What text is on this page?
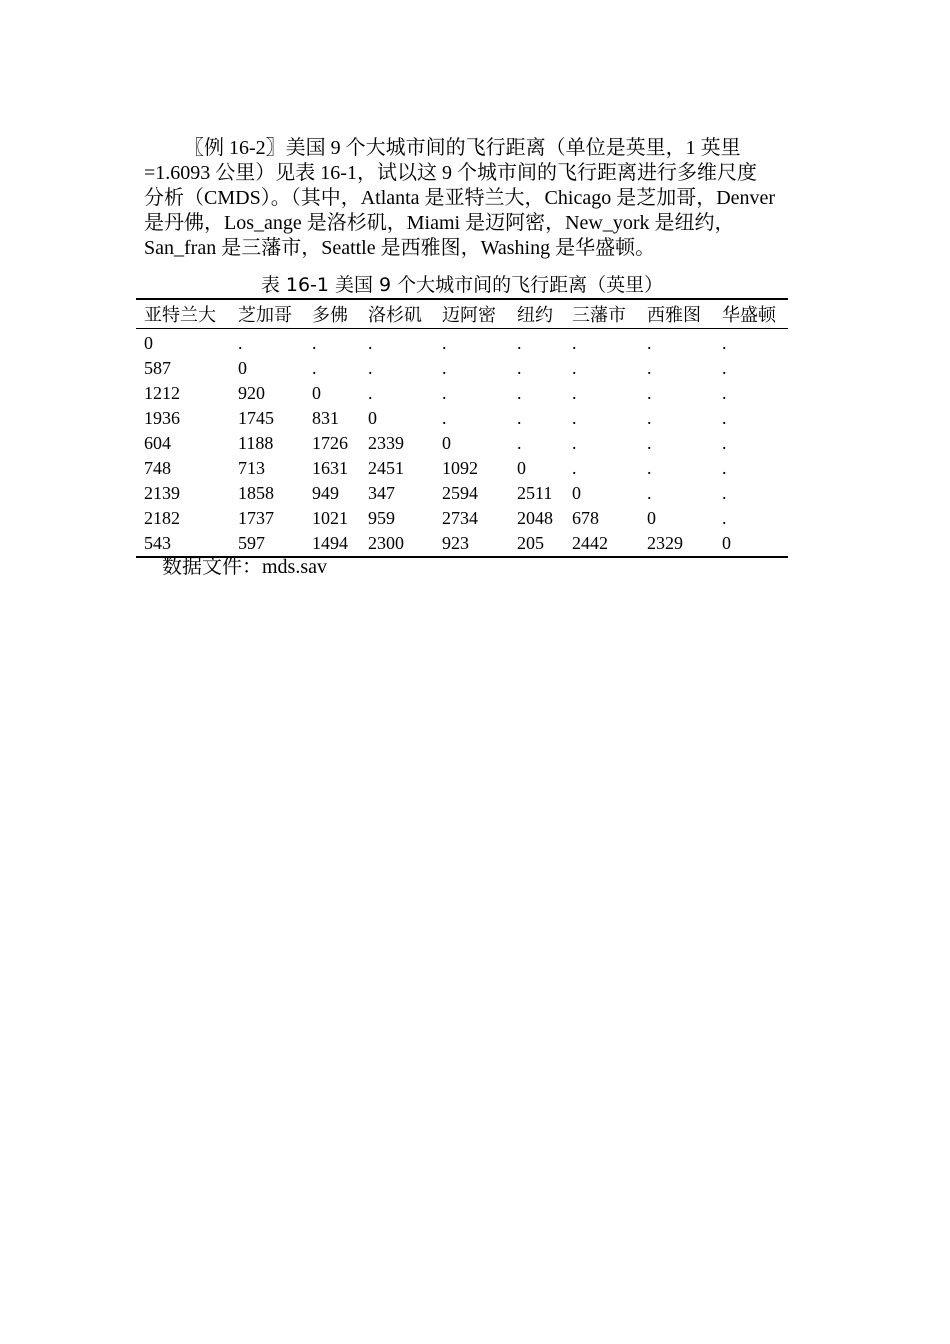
〖例 16-2〗美国 9 个大城市间的飞行距离（单位是英里，1 英里
=1.6093 公里）见表 16-1，试以这 9 个城市间的飞行距离进行多维尺度
分析（CMDS）。（其中，Atlanta 是亚特兰大，Chicago 是芝加哥，Denver
是丹佛，Los_ange 是洛杉矶，Miami 是迈阿密，New_york 是纽约，
San_fran 是三藩市，Seattle 是西雅图，Washing 是华盛顿。

表 16-1 美国 9 个大城市间的飞行距离（英里）

亚特兰大	芝加哥	多佛	洛杉矶	迈阿密	纽约	三藩市	西雅图	华盛顿
0	.	.	.	.	.	.	.	.
587	0	.	.	.	.	.	.	.
1212	920	0	.	.	.	.	.	.
1936	1745	831	0	.	.	.	.	.
604	1188	1726	2339	0	.	.	.	.
748	713	1631	2451	1092	0	.	.	.
2139	1858	949	347	2594	2511	0	.	.
2182	1737	1021	959	2734	2048	678	0	.
543	597	1494	2300	923	205	2442	2329	0

数据文件：mds.sav
